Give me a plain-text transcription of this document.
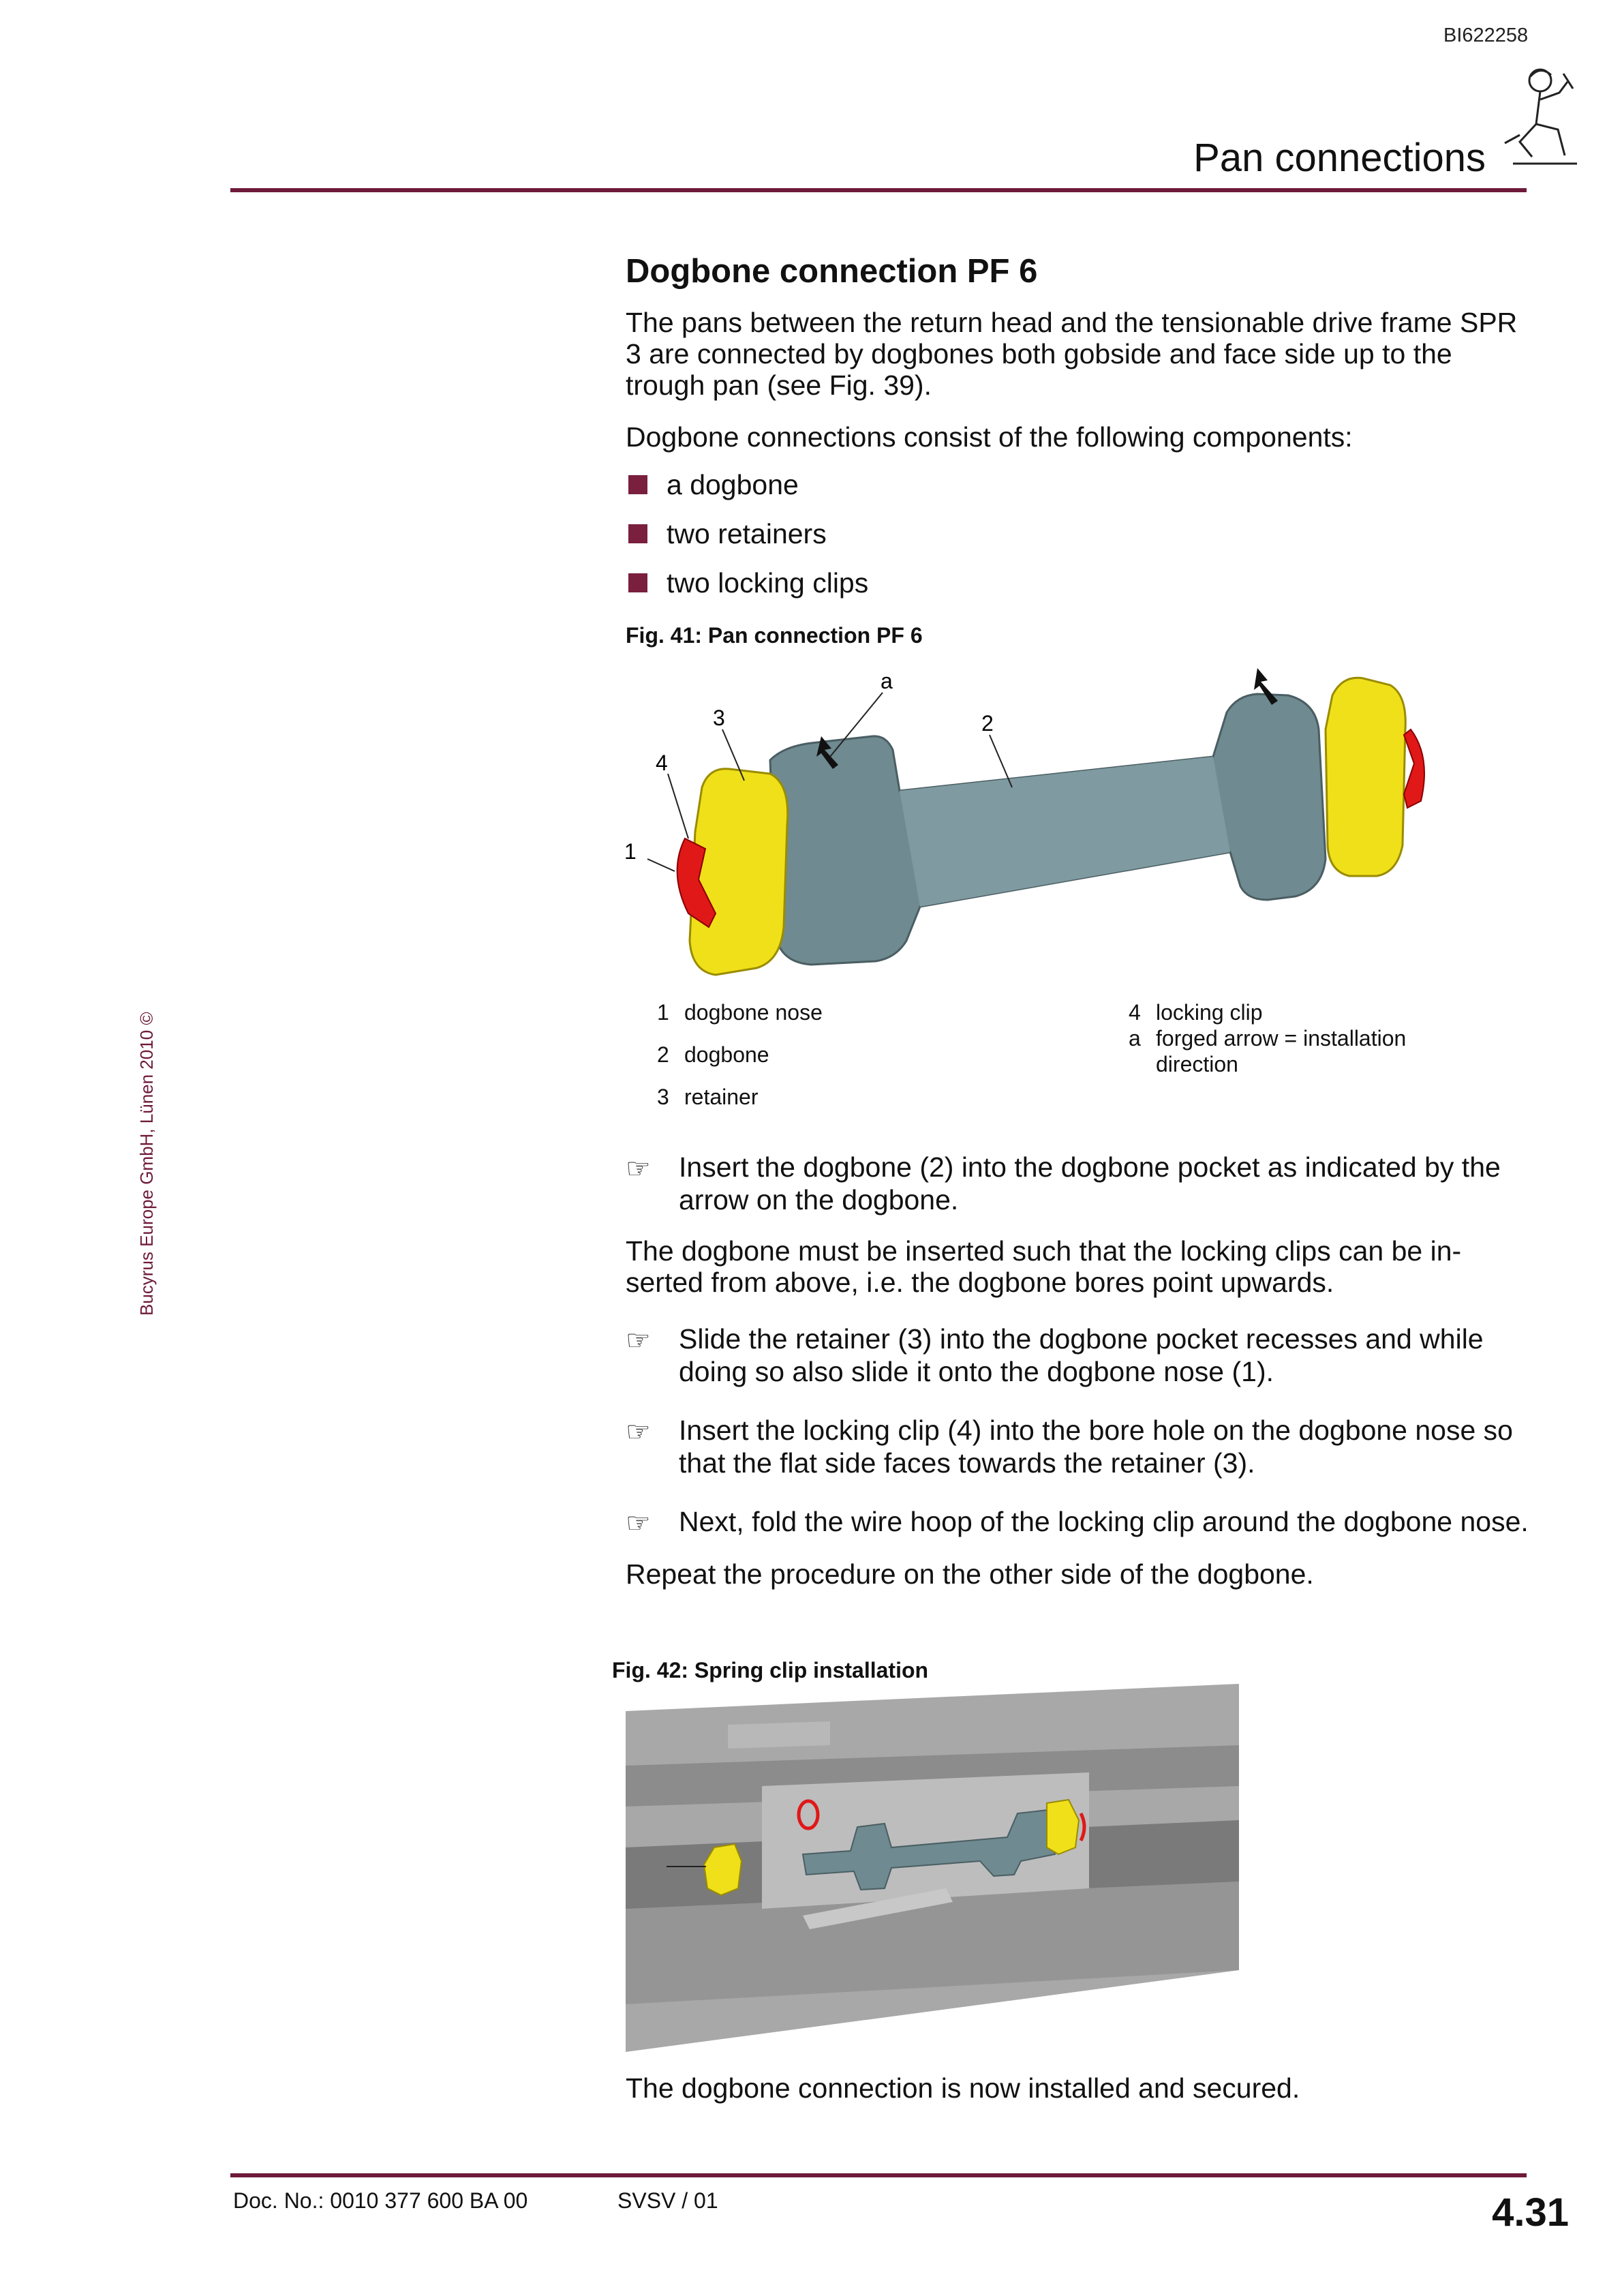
BI622258
Pan connections
Bucyrus Europe GmbH, Lünen 2010 ©
Dogbone connection PF 6

The pans between the return head and the tensionable drive frame SPR 3 are connected by dogbones both gobside and face side up to the trough pan (see Fig. 39).

Dogbone connections consist of the following components:

a dogbone
two retainers
two locking clips
Fig. 41: Pan connection PF 6
a
3	2
4
1
1 dogbone nose
2 dogbone
3 retainer
4 locking clip
a forged arrow = installation direction
☞	Insert the dogbone (2) into the dogbone pocket as indicated by the arrow on the dogbone.

The dogbone must be inserted such that the locking clips can be in- serted from above, i.e. the dogbone bores point upwards.

☞	Slide the retainer (3) into the dogbone pocket recesses and while doing so also slide it onto the dogbone nose (1).
☞	Insert the locking clip (4) into the bore hole on the dogbone nose so that the flat side faces towards the retainer (3).
☞	Next, fold the wire hoop of the locking clip around the dogbone nose.

Repeat the procedure on the other side of the dogbone.

Fig. 42: Spring clip installation
The dogbone connection is now installed and secured.
Doc. No.: 0010 377 600 BA 00	SVSV / 01	4.31
